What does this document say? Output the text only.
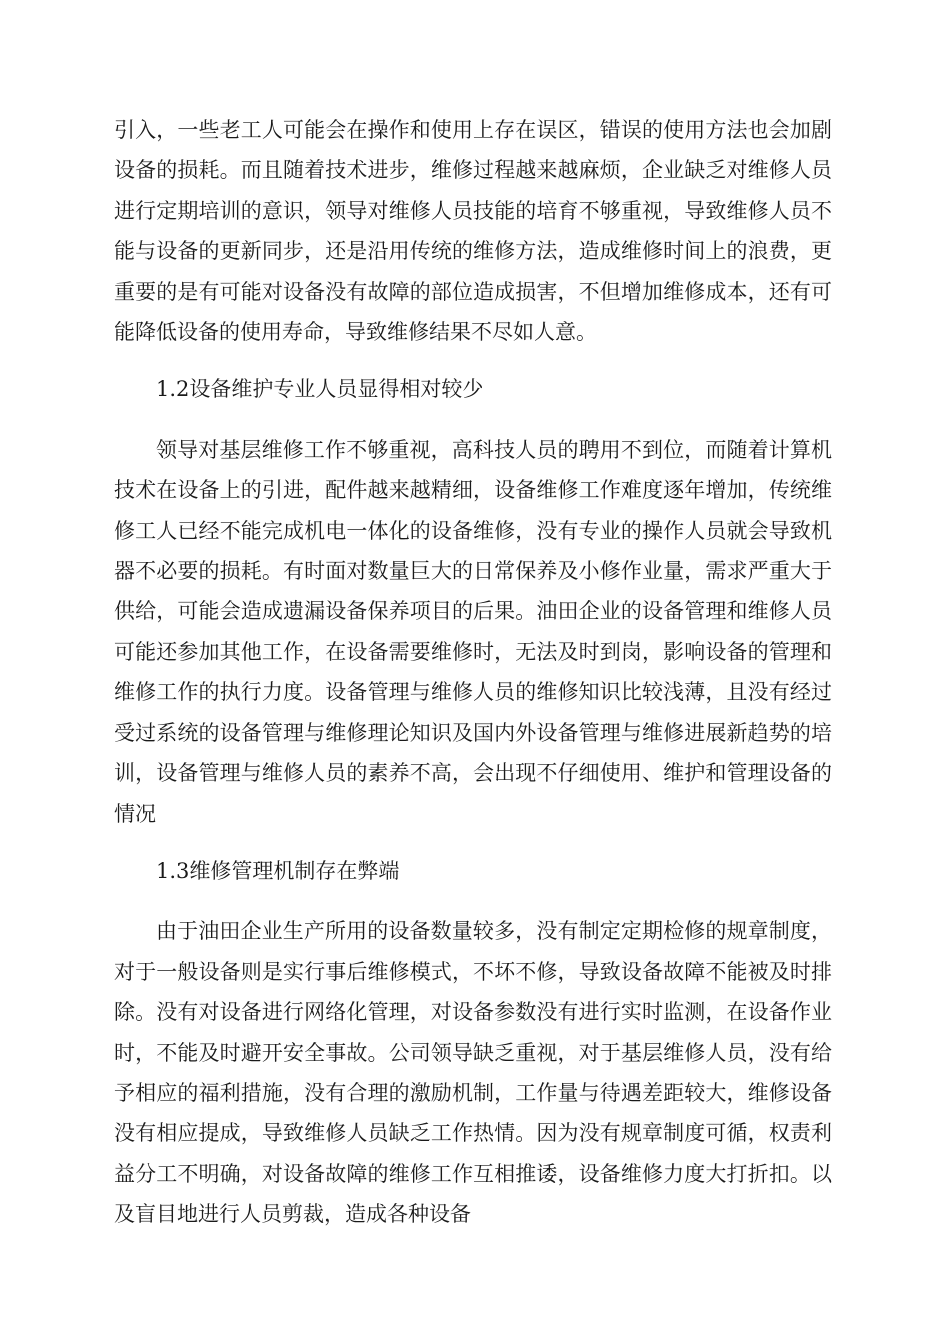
引入，一些老工人可能会在操作和使用上存在误区，错误的使用方法也会加剧设备的损耗。而且随着技术进步，维修过程越来越麻烦，企业缺乏对维修人员进行定期培训的意识，领导对维修人员技能的培育不够重视，导致维修人员不能与设备的更新同步，还是沿用传统的维修方法，造成维修时间上的浪费，更重要的是有可能对设备没有故障的部位造成损害，不但增加维修成本，还有可能降低设备的使用寿命，导致维修结果不尽如人意。

1.2设备维护专业人员显得相对较少

领导对基层维修工作不够重视，高科技人员的聘用不到位，而随着计算机技术在设备上的引进，配件越来越精细，设备维修工作难度逐年增加，传统维修工人已经不能完成机电一体化的设备维修，没有专业的操作人员就会导致机器不必要的损耗。有时面对数量巨大的日常保养及小修作业量，需求严重大于供给，可能会造成遗漏设备保养项目的后果。油田企业的设备管理和维修人员可能还参加其他工作，在设备需要维修时，无法及时到岗，影响设备的管理和维修工作的执行力度。设备管理与维修人员的维修知识比较浅薄，且没有经过受过系统的设备管理与维修理论知识及国内外设备管理与维修进展新趋势的培训，设备管理与维修人员的素养不高，会出现不仔细使用、维护和管理设备的情况

1.3维修管理机制存在弊端

由于油田企业生产所用的设备数量较多，没有制定定期检修的规章制度，对于一般设备则是实行事后维修模式，不坏不修，导致设备故障不能被及时排除。没有对设备进行网络化管理，对设备参数没有进行实时监测，在设备作业时，不能及时避开安全事故。公司领导缺乏重视，对于基层维修人员，没有给予相应的福利措施，没有合理的激励机制，工作量与待遇差距较大，维修设备没有相应提成，导致维修人员缺乏工作热情。因为没有规章制度可循，权责利益分工不明确，对设备故障的维修工作互相推诿，设备维修力度大打折扣。以及盲目地进行人员剪裁，造成各种设备
